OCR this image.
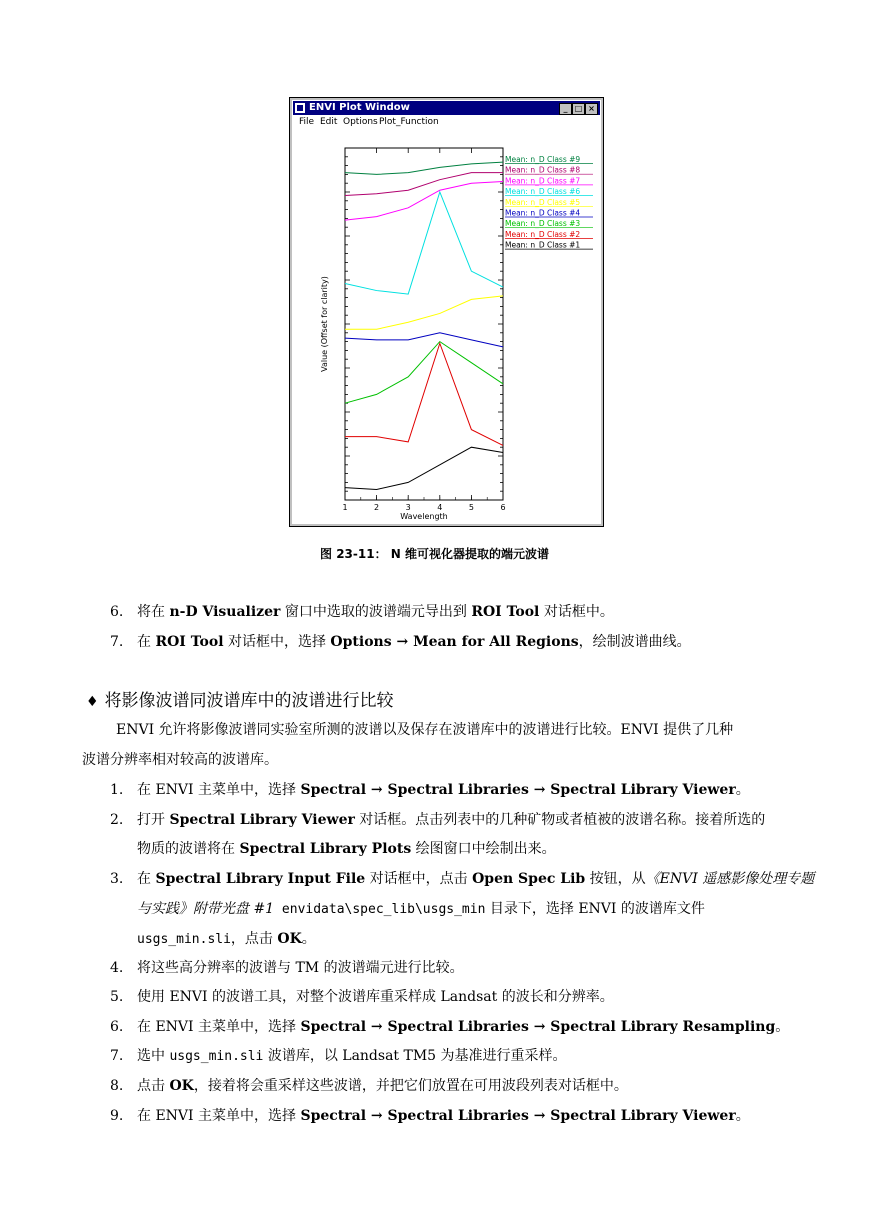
ENVI Plot Window	_ □ ×
File Edit Options Plot_Function
1	2	3	4	5	6
Wavelength
Value (Offset for clarity)
Mean: n_D Class #9
Mean: n_D Class #8
Mean: n_D Class #7
Mean: n_D Class #6
Mean: n_D Class #5
Mean: n_D Class #4
Mean: n_D Class #3
Mean: n_D Class #2
Mean: n_D Class #1
图 23-11： N 维可视化器提取的端元波谱
6. 将在 n-D Visualizer 窗口中选取的波谱端元导出到 ROI Tool 对话框中。
7. 在 ROI Tool 对话框中，选择 Options → Mean for All Regions，绘制波谱曲线。
♦ 将影像波谱同波谱库中的波谱进行比较
ENVI 允许将影像波谱同实验室所测的波谱以及保存在波谱库中的波谱进行比较。ENVI 提供了几种
波谱分辨率相对较高的波谱库。
1. 在 ENVI 主菜单中，选择 Spectral → Spectral Libraries → Spectral Library Viewer。
2. 打开 Spectral Library Viewer 对话框。点击列表中的几种矿物或者植被的波谱名称。接着所选的
物质的波谱将在 Spectral Library Plots 绘图窗口中绘制出来。
3. 在 Spectral Library Input File 对话框中，点击 Open Spec Lib 按钮，从《ENVI 遥感影像处理专题
与实践》附带光盘 #1 envidata\spec_lib\usgs_min 目录下，选择 ENVI 的波谱库文件
usgs_min.sli，点击 OK。
4. 将这些高分辨率的波谱与 TM 的波谱端元进行比较。
5. 使用 ENVI 的波谱工具，对整个波谱库重采样成 Landsat 的波长和分辨率。
6. 在 ENVI 主菜单中，选择 Spectral → Spectral Libraries → Spectral Library Resampling。
7. 选中 usgs_min.sli 波谱库，以 Landsat TM5 为基准进行重采样。
8. 点击 OK，接着将会重采样这些波谱，并把它们放置在可用波段列表对话框中。
9. 在 ENVI 主菜单中，选择 Spectral → Spectral Libraries → Spectral Library Viewer。
